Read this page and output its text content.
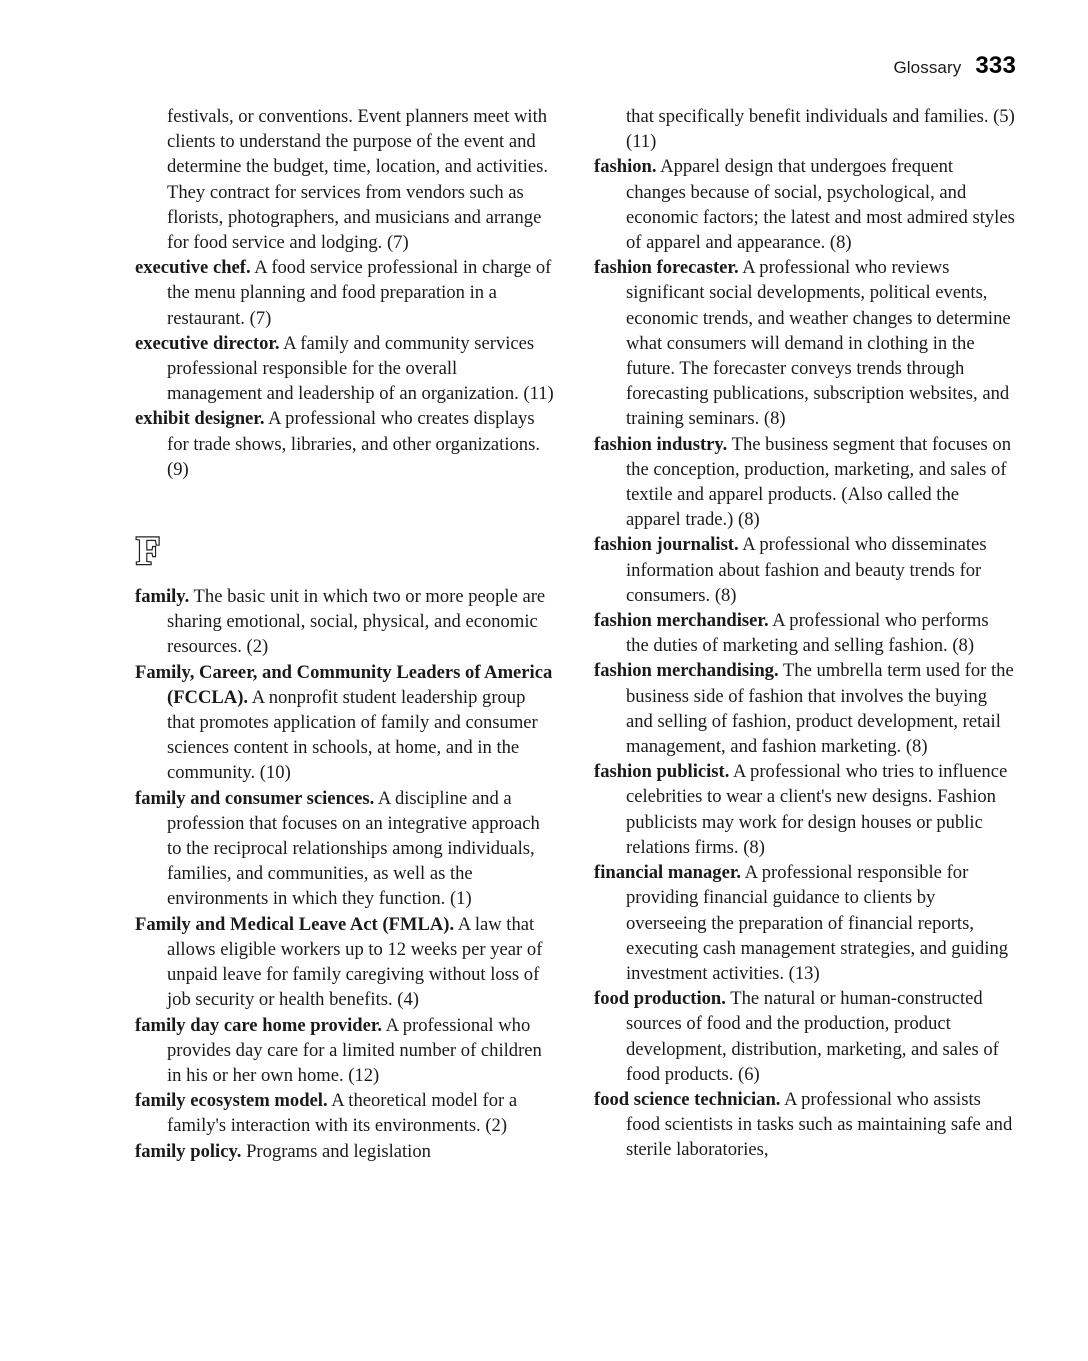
Glossary 333

festivals, or conventions. Event planners meet with clients to understand the purpose of the event and determine the budget, time, location, and activities. They contract for services from vendors such as florists, photographers, and musicians and arrange for food service and lodging. (7)

executive chef. A food service professional in charge of the menu planning and food preparation in a restaurant. (7)

executive director. A family and community services professional responsible for the overall management and leadership of an organization. (11)

exhibit designer. A professional who creates displays for trade shows, libraries, and other organizations. (9)

F

family. The basic unit in which two or more people are sharing emotional, social, physical, and economic resources. (2)

Family, Career, and Community Leaders of America (FCCLA). A nonprofit student leadership group that promotes application of family and consumer sciences content in schools, at home, and in the community. (10)

family and consumer sciences. A discipline and a profession that focuses on an integrative approach to the reciprocal relationships among individuals, families, and communities, as well as the environments in which they function. (1)

Family and Medical Leave Act (FMLA). A law that allows eligible workers up to 12 weeks per year of unpaid leave for family caregiving without loss of job security or health benefits. (4)

family day care home provider. A professional who provides day care for a limited number of children in his or her own home. (12)

family ecosystem model. A theoretical model for a family's interaction with its environments. (2)

family policy. Programs and legislation

that specifically benefit individuals and families. (5) (11)

fashion. Apparel design that undergoes frequent changes because of social, psychological, and economic factors; the latest and most admired styles of apparel and appearance. (8)

fashion forecaster. A professional who reviews significant social developments, political events, economic trends, and weather changes to determine what consumers will demand in clothing in the future. The forecaster conveys trends through forecasting publications, subscription websites, and training seminars. (8)

fashion industry. The business segment that focuses on the conception, production, marketing, and sales of textile and apparel products. (Also called the apparel trade.) (8)

fashion journalist. A professional who disseminates information about fashion and beauty trends for consumers. (8)

fashion merchandiser. A professional who performs the duties of marketing and selling fashion. (8)

fashion merchandising. The umbrella term used for the business side of fashion that involves the buying and selling of fashion, product development, retail management, and fashion marketing. (8)

fashion publicist. A professional who tries to influence celebrities to wear a client's new designs. Fashion publicists may work for design houses or public relations firms. (8)

financial manager. A professional responsible for providing financial guidance to clients by overseeing the preparation of financial reports, executing cash management strategies, and guiding investment activities. (13)

food production. The natural or human-constructed sources of food and the production, product development, distribution, marketing, and sales of food products. (6)

food science technician. A professional who assists food scientists in tasks such as maintaining safe and sterile laboratories,
